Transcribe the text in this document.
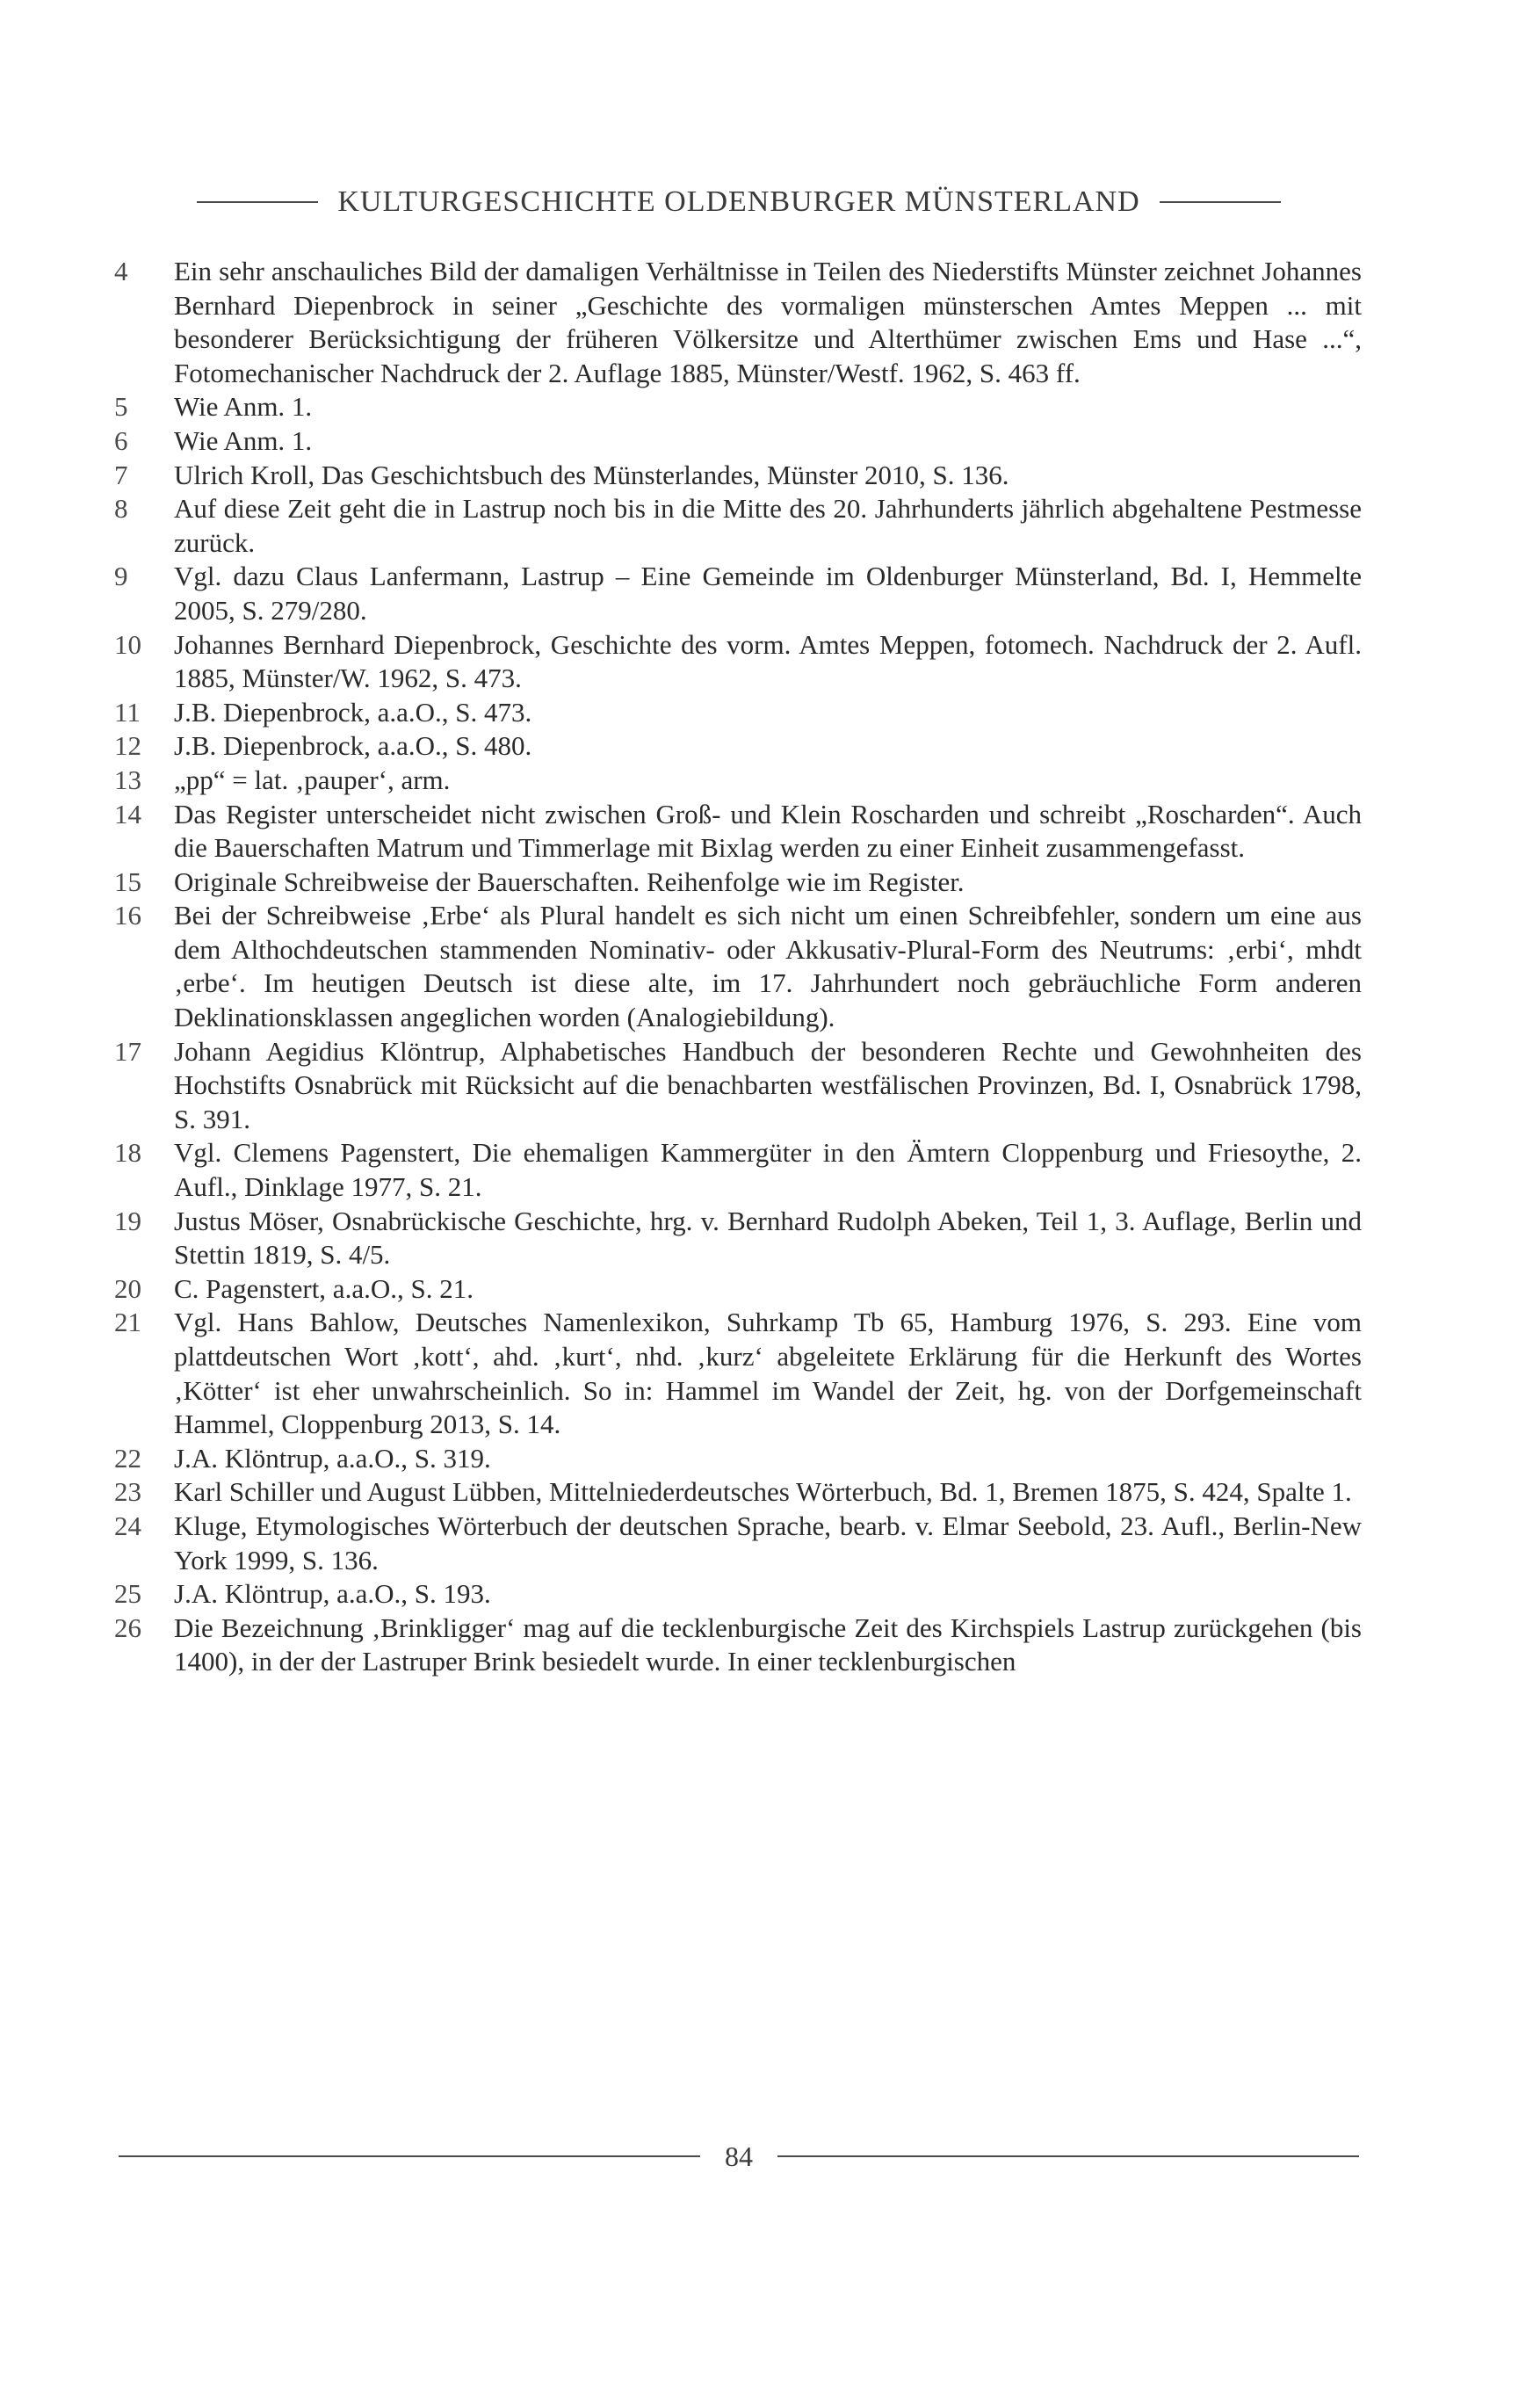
KULTURGESCHICHTE OLDENBURGER MÜNSTERLAND
4	Ein sehr anschauliches Bild der damaligen Verhältnisse in Teilen des Niederstifts Münster zeichnet Johannes Bernhard Diepenbrock in seiner „Geschichte des vormaligen münsterschen Amtes Meppen ... mit besonderer Berücksichtigung der früheren Völkersitze und Alterthümer zwischen Ems und Hase ...“, Fotomechanischer Nachdruck der 2. Auflage 1885, Münster/Westf. 1962, S. 463 ff.
5	Wie Anm. 1.
6	Wie Anm. 1.
7	Ulrich Kroll, Das Geschichtsbuch des Münsterlandes, Münster 2010, S. 136.
8	Auf diese Zeit geht die in Lastrup noch bis in die Mitte des 20. Jahrhunderts jährlich abgehaltene Pestmesse zurück.
9	Vgl. dazu Claus Lanfermann, Lastrup – Eine Gemeinde im Oldenburger Münsterland, Bd. I, Hemmelte 2005, S. 279/280.
10	Johannes Bernhard Diepenbrock, Geschichte des vorm. Amtes Meppen, fotomech. Nachdruck der 2. Aufl. 1885, Münster/W. 1962, S. 473.
11	J.B. Diepenbrock, a.a.O., S. 473.
12	J.B. Diepenbrock, a.a.O., S. 480.
13	„pp“ = lat. ‚pauper‘, arm.
14	Das Register unterscheidet nicht zwischen Groß- und Klein Roscharden und schreibt „Roscharden“. Auch die Bauerschaften Matrum und Timmerlage mit Bixlag werden zu einer Einheit zusammengefasst.
15	Originale Schreibweise der Bauerschaften. Reihenfolge wie im Register.
16	Bei der Schreibweise ‚Erbe‘ als Plural handelt es sich nicht um einen Schreibfehler, sondern um eine aus dem Althochdeutschen stammenden Nominativ- oder Akkusativ-Plural-Form des Neutrums: ‚erbi‘, mhdt ‚erbe‘. Im heutigen Deutsch ist diese alte, im 17. Jahrhundert noch gebräuchliche Form anderen Deklinationsklassen angeglichen worden (Analogiebildung).
17	Johann Aegidius Klöntrup, Alphabetisches Handbuch der besonderen Rechte und Gewohnheiten des Hochstifts Osnabrück mit Rücksicht auf die benachbarten westfälischen Provinzen, Bd. I, Osnabrück 1798, S. 391.
18	Vgl. Clemens Pagenstert, Die ehemaligen Kammergüter in den Ämtern Cloppenburg und Friesoythe, 2. Aufl., Dinklage 1977, S. 21.
19	Justus Möser, Osnabrückische Geschichte, hrg. v. Bernhard Rudolph Abeken, Teil 1, 3. Auflage, Berlin und Stettin 1819, S. 4/5.
20	C. Pagenstert, a.a.O., S. 21.
21	Vgl. Hans Bahlow, Deutsches Namenlexikon, Suhrkamp Tb 65, Hamburg 1976, S. 293. Eine vom plattdeutschen Wort ‚kott‘, ahd. ‚kurt‘, nhd. ‚kurz‘ abgeleitete Erklärung für die Herkunft des Wortes ‚Kötter‘ ist eher unwahrscheinlich. So in: Hammel im Wandel der Zeit, hg. von der Dorfgemeinschaft Hammel, Cloppenburg 2013, S. 14.
22	J.A. Klöntrup, a.a.O., S. 319.
23	Karl Schiller und August Lübben, Mittelniederdeutsches Wörterbuch, Bd. 1, Bremen 1875, S. 424, Spalte 1.
24	Kluge, Etymologisches Wörterbuch der deutschen Sprache, bearb. v. Elmar Seebold, 23. Aufl., Berlin-New York 1999, S. 136.
25	J.A. Klöntrup, a.a.O., S. 193.
26	Die Bezeichnung ‚Brinkligger‘ mag auf die tecklenburgische Zeit des Kirchspiels Lastrup zurückgehen (bis 1400), in der der Lastruper Brink besiedelt wurde. In einer tecklenburgischen
84
